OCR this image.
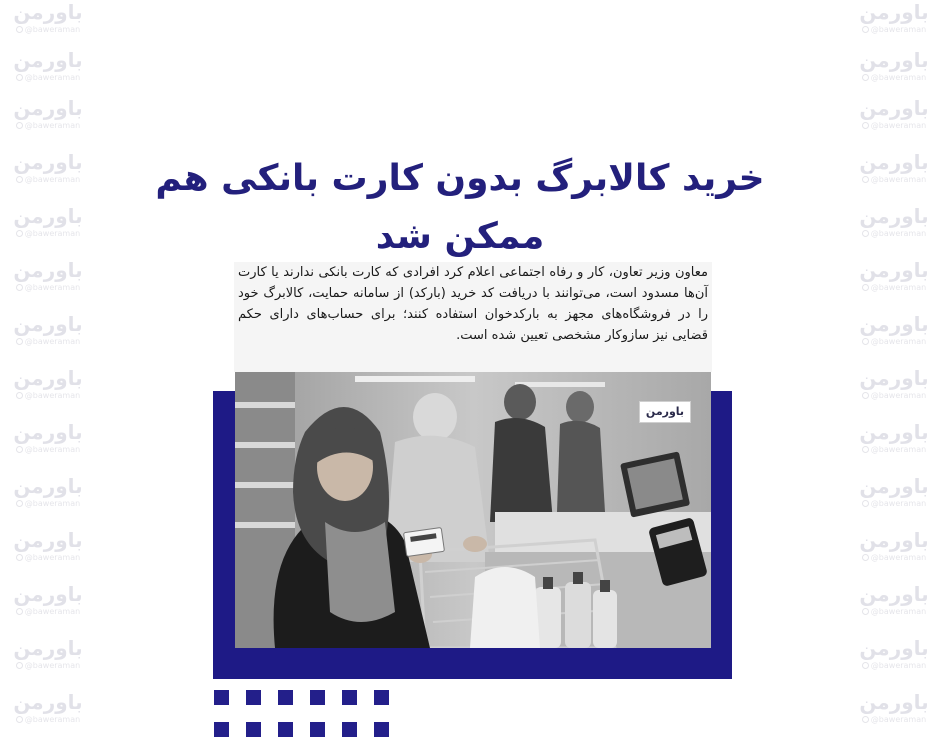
باورمن
@baweraman
باورمن
@baweraman
باورمن
@baweraman
باورمن
@baweraman
باورمن
@baweraman
باورمن
@baweraman
باورمن
@baweraman
باورمن
@baweraman
باورمن
@baweraman
باورمن
@baweraman
باورمن
@baweraman
باورمن
@baweraman
باورمن
@baweraman
باورمن
@baweraman
باورمن
@baweraman
باورمن
@baweraman
باورمن
@baweraman
باورمن
@baweraman
باورمن
@baweraman
باورمن
@baweraman
باورمن
@baweraman
باورمن
@baweraman
باورمن
@baweraman
باورمن
@baweraman
باورمن
@baweraman
باورمن
@baweraman
باورمن
@baweraman
باورمن
@baweraman
خرید کالابرگ بدون کارت بانکی هم
ممکن شد
معاون وزیر تعاون، کار و رفاه اجتماعی اعلام کرد افرادی که کارت بانکی ندارند یا کارت آن‌ها مسدود است، می‌توانند با دریافت کد خرید (بارکد) از سامانه حمایت، کالابرگ خود را در فروشگاه‌های مجهز به بارکدخوان استفاده کنند؛ برای حساب‌های دارای حکم قضایی نیز سازوکار مشخصی تعیین شده است.
باورمن
